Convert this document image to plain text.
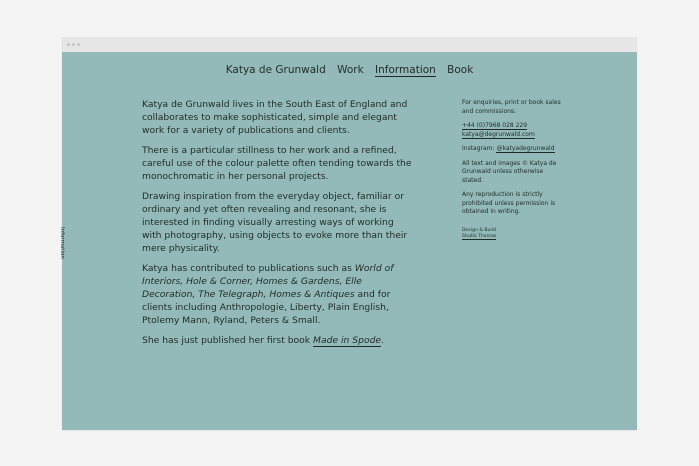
Katya de Grunwald Work Information Book
Information

Katya de Grunwald lives in the South East of England and collaborates to make sophisticated, simple and elegant work for a variety of publications and clients.

There is a particular stillness to her work and a refined, careful use of the colour palette often tending towards the monochromatic in her personal projects.

Drawing inspiration from the everyday object, familiar or ordinary and yet often revealing and resonant, she is interested in finding visually arresting ways of working with photography, using objects to evoke more than their mere physicality.

Katya has contributed to publications such as World of Interiors, Hole & Corner, Homes & Gardens, Elle Decoration, The Telegraph, Homes & Antiques and for clients including Anthropologie, Liberty, Plain English, Ptolemy Mann, Ryland, Peters & Small.

She has just published her first book Made in Spode.

For enquiries, print or book sales and commissions:

+44 (0)7968 028 229
katya@degrunwald.com

Instagram: @katyadegrunwald

All text and images © Katya de Grunwald unless otherwise stated.

Any reproduction is strictly prohibited unless permission is obtained in writing.

Design & Build
Studio Thomas
